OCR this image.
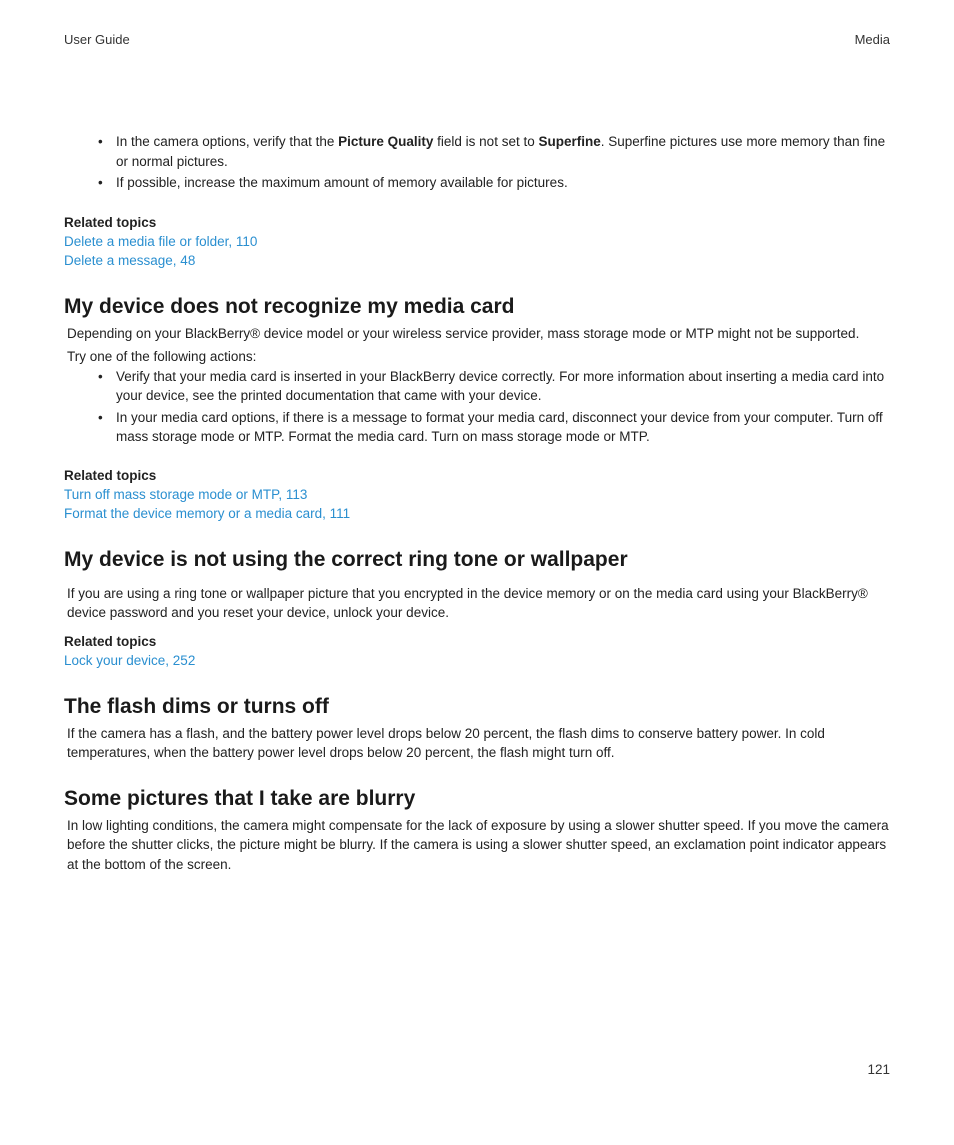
User Guide	Media
• In the camera options, verify that the Picture Quality field is not set to Superfine. Superfine pictures use more memory than fine or normal pictures.
• If possible, increase the maximum amount of memory available for pictures.
Related topics
Delete a media file or folder, 110
Delete a message, 48
My device does not recognize my media card

Depending on your BlackBerry® device model or your wireless service provider, mass storage mode or MTP might not be supported.

Try one of the following actions:

• Verify that your media card is inserted in your BlackBerry device correctly. For more information about inserting a media card into your device, see the printed documentation that came with your device.
• In your media card options, if there is a message to format your media card, disconnect your device from your computer. Turn off mass storage mode or MTP. Format the media card. Turn on mass storage mode or MTP.
Related topics
Turn off mass storage mode or MTP, 113
Format the device memory or a media card, 111
My device is not using the correct ring tone or wallpaper

If you are using a ring tone or wallpaper picture that you encrypted in the device memory or on the media card using your BlackBerry® device password and you reset your device, unlock your device.

Related topics
Lock your device, 252
The flash dims or turns off

If the camera has a flash, and the battery power level drops below 20 percent, the flash dims to conserve battery power. In cold temperatures, when the battery power level drops below 20 percent, the flash might turn off.

Some pictures that I take are blurry

In low lighting conditions, the camera might compensate for the lack of exposure by using a slower shutter speed. If you move the camera before the shutter clicks, the picture might be blurry. If the camera is using a slower shutter speed, an exclamation point indicator appears at the bottom of the screen.

121
